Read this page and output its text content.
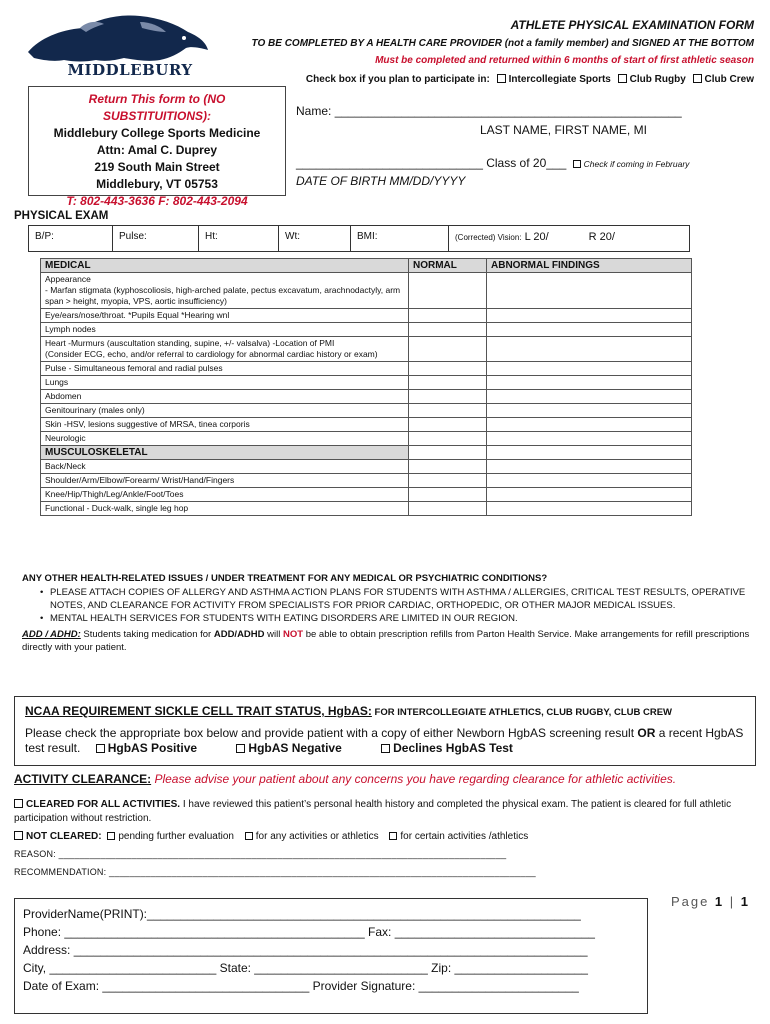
MIDDLEBURY
ATHLETE PHYSICAL EXAMINATION FORM
TO BE COMPLETED BY A HEALTH CARE PROVIDER (not a family member) and SIGNED AT THE BOTTOM
Must be completed and returned within 6 months of start of first athletic season
Check box if you plan to participate in: Intercollegiate Sports Club Rugby Club Crew
Return This form to (NO SUBSTITUITIONS):
Middlebury College Sports Medicine
Attn: Amal C. Duprey
219 South Main Street
Middlebury, VT 05753
T: 802-443-3636 F: 802-443-2094
Name: ____________________________________________________
LAST NAME, FIRST NAME, MI
____________________________ Class of 20___ Check if coming in February
DATE OF BIRTH MM/DD/YYYY
PHYSICAL EXAM
B/P:	Pulse:	Ht:	Wt:	BMI:	(Corrected) Vision: L 20/	R 20/
MEDICAL	NORMAL	ABNORMAL FINDINGS
Appearance
- Marfan stigmata (kyphoscoliosis, high-arched palate, pectus excavatum, arachnodactyly, arm span > height, myopia, VPS, aortic insufficiency)		
Eye/ears/nose/throat. *Pupils Equal *Hearing wnl		
Lymph nodes		
Heart -Murmurs (auscultation standing, supine, +/- valsalva) -Location of PMI
(Consider ECG, echo, and/or referral to cardiology for abnormal cardiac history or exam)		
Pulse - Simultaneous femoral and radial pulses		
Lungs		
Abdomen		
Genitourinary (males only)		
Skin -HSV, lesions suggestive of MRSA, tinea corporis		
Neurologic		
MUSCULOSKELETAL		
Back/Neck		
Shoulder/Arm/Elbow/Forearm/ Wrist/Hand/Fingers		
Knee/Hip/Thigh/Leg/Ankle/Foot/Toes		
Functional - Duck-walk, single leg hop		
ANY OTHER HEALTH-RELATED ISSUES / UNDER TREATMENT FOR ANY MEDICAL OR PSYCHIATRIC CONDITIONS?
• PLEASE ATTACH COPIES OF ALLERGY AND ASTHMA ACTION PLANS FOR STUDENTS WITH ASTHMA / ALLERGIES, CRITICAL TEST RESULTS, OPERATIVE NOTES, AND CLEARANCE FOR ACTIVITY FROM SPECIALISTS FOR PRIOR CARDIAC, ORTHOPEDIC, OR OTHER MAJOR MEDICAL ISSUES.
• MENTAL HEALTH SERVICES FOR STUDENTS WITH EATING DISORDERS ARE LIMITED IN OUR REGION.
ADD / ADHD: Students taking medication for ADD/ADHD will NOT be able to obtain prescription refills from Parton Health Service. Make arrangements for refill prescriptions directly with your patient.
NCAA REQUIREMENT SICKLE CELL TRAIT STATUS, HgbAS: FOR INTERCOLLEGIATE ATHLETICS, CLUB RUGBY, CLUB CREW
Please check the appropriate box below and provide patient with a copy of either Newborn HgbAS screening result OR a recent HgbAS test result. HgbAS Positive	HgbAS Negative	Declines HgbAS Test
ACTIVITY CLEARANCE: Please advise your patient about any concerns you have regarding clearance for athletic activities.
CLEARED FOR ALL ACTIVITIES. I have reviewed this patient’s personal health history and completed the physical exam. The patient is cleared for full athletic participation without restriction.
NOT CLEARED: pending further evaluation for any activities or athletics for certain activities /athletics
REASON: ______________________________________________________________________________________
RECOMMENDATION: __________________________________________________________________________________
ProviderName(PRINT):_________________________________________________________________
Phone: _____________________________________________ Fax: ______________________________
Address: _____________________________________________________________________________
City, _________________________ State: __________________________ Zip: ____________________
Date of Exam: _______________________________ Provider Signature: ________________________
Page 1 | 1
